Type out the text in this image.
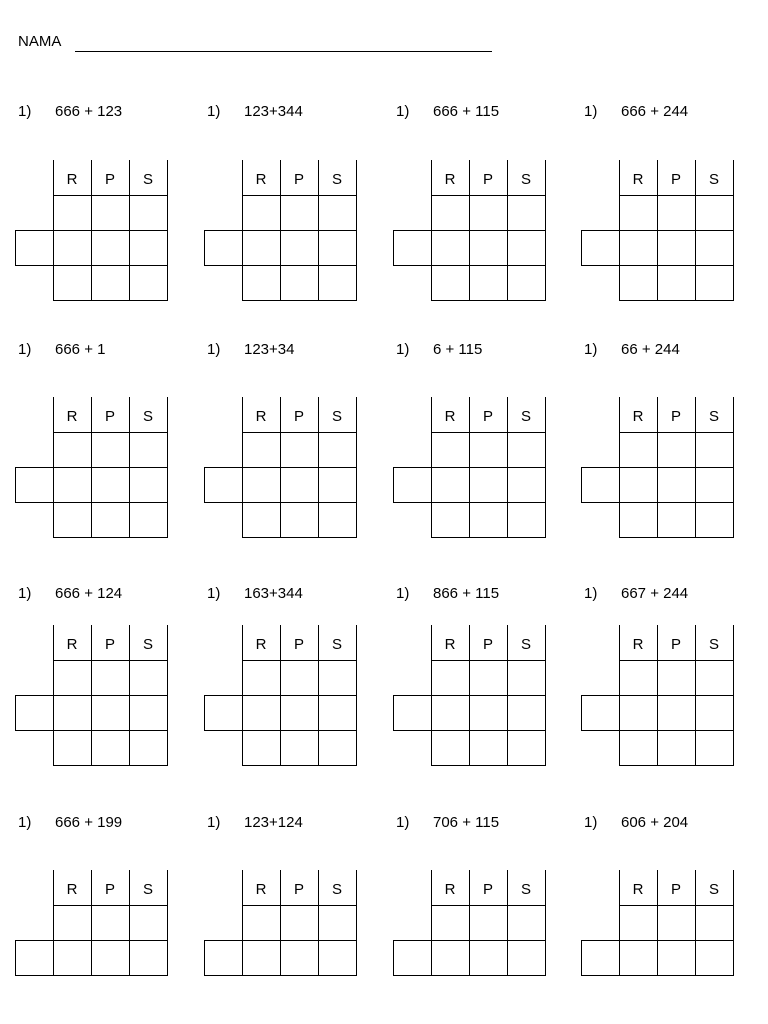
NAMA
1) 666 + 123
R	P	S
1) 123+344
R	P	S
1) 666 + 115
R	P	S
1) 666 + 244
R	P	S
1) 666 + 1
R	P	S
1) 123+34
R	P	S
1) 6 + 115
R	P	S
1) 66 + 244
R	P	S
1) 666 + 124
R	P	S
1) 163+344
R	P	S
1) 866 + 115
R	P	S
1) 667 + 244
R	P	S
1) 666 + 199
R	P	S
1) 123+124
R	P	S
1) 706 + 115
R	P	S
1) 606 + 204
R	P	S
